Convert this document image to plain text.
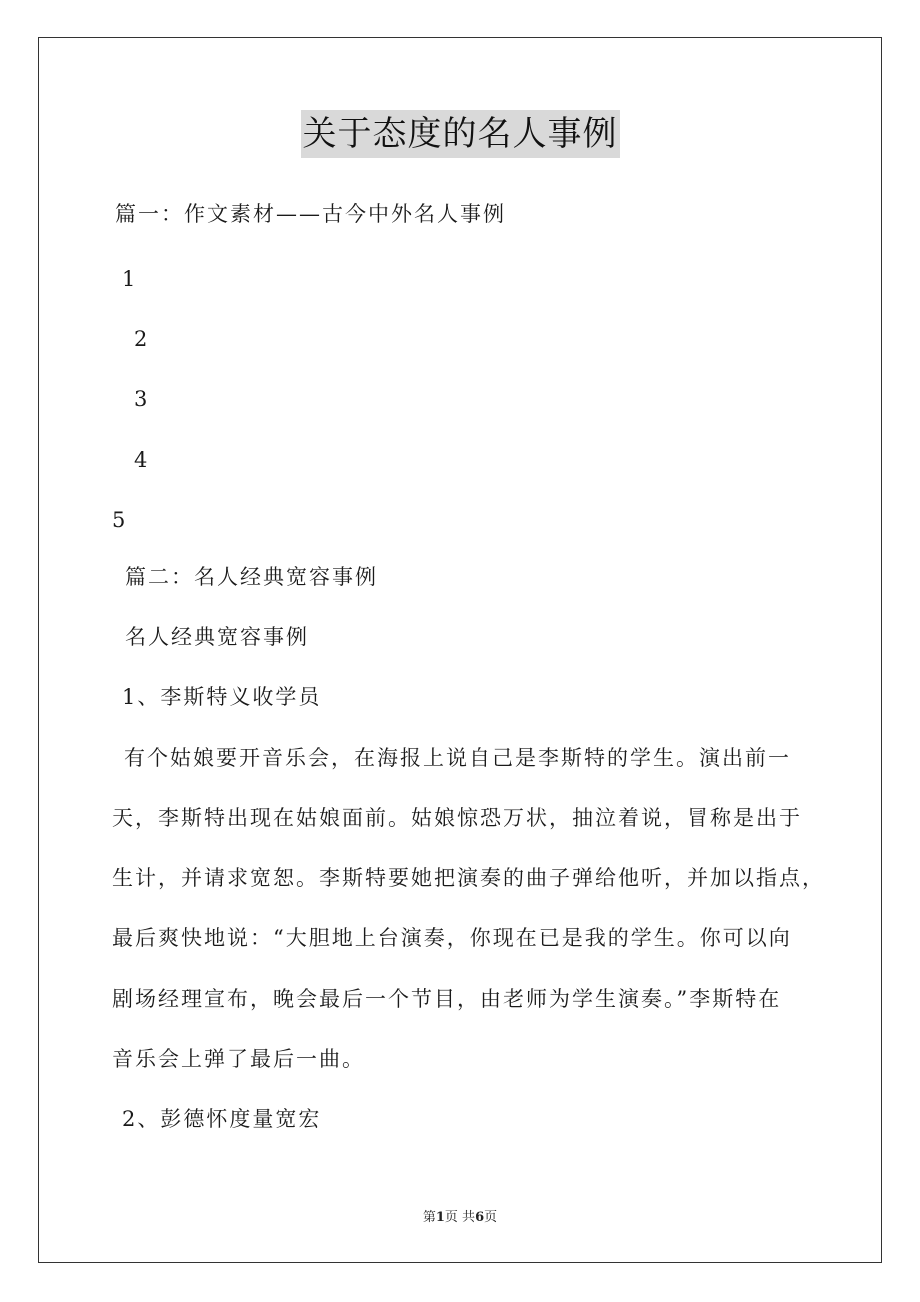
关于态度的名人事例
篇一：作文素材——古今中外名人事例
1
2
3
4
5
篇二：名人经典宽容事例
名人经典宽容事例
1、李斯特义收学员
有个姑娘要开音乐会，在海报上说自己是李斯特的学生。演出前一
天，李斯特出现在姑娘面前。姑娘惊恐万状，抽泣着说，冒称是出于
生计，并请求宽恕。李斯特要她把演奏的曲子弹给他听，并加以指点，
最后爽快地说：“大胆地上台演奏，你现在已是我的学生。你可以向
剧场经理宣布，晚会最后一个节目，由老师为学生演奏。”李斯特在
音乐会上弹了最后一曲。
2、彭德怀度量宽宏
第1页 共6页
